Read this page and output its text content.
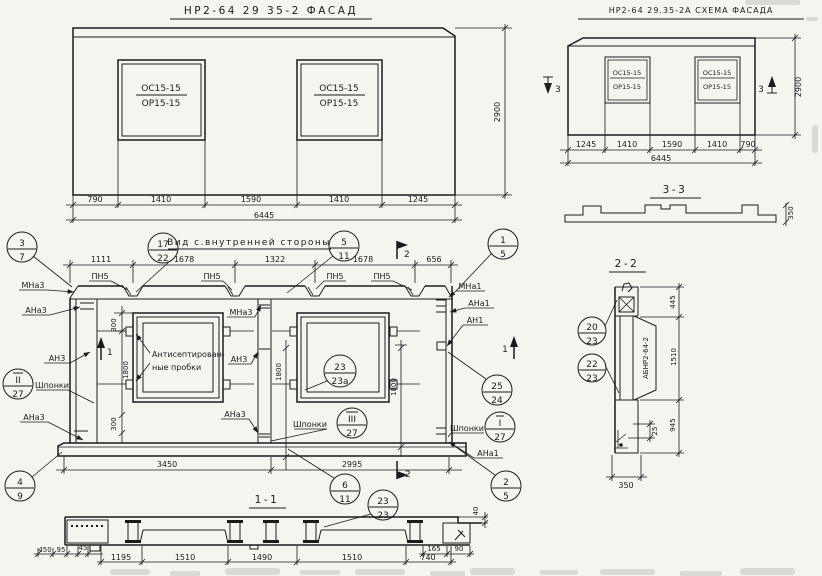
НР2-64 29 35-2 ФАСАД
ОС15-15
ОР15-15
ОС15-15
ОР15-15
790	1410	1590	1410	1245
6445
2900
НР2-64 29.35-2А СХЕМА ФАСАДА
ОС15-15
ОР15-15
ОС15-15
ОР15-15
3	3
1245	1410	1590	1410 790
6445
2900
3-3
350
Вид с.внутренней стороны
1111	1678	1322	1678	656
ПН5	ПН5	ПН5	ПН5
МНа3
АНа3
АН3
Шпонки
АНа3
МНа3
АН3
АНа3
Антисептирован-
ные пробки
МНа1
АНа1
АН1
Шпонки
АНа1
Шпонки
300
1800
300
1800
1800
3450	2995
1	1
2
2
1-1
40
450 95 45	165 90
1195	1510	1490	1510	740
2-2
25
АБНР2-64-2
445
1510
945
350
3
7
17
22
5
11
1
5
4
9
6
11
2
5
23
23а	25
24
II
27
III
27
I
27
23
23
20
23
22
23
